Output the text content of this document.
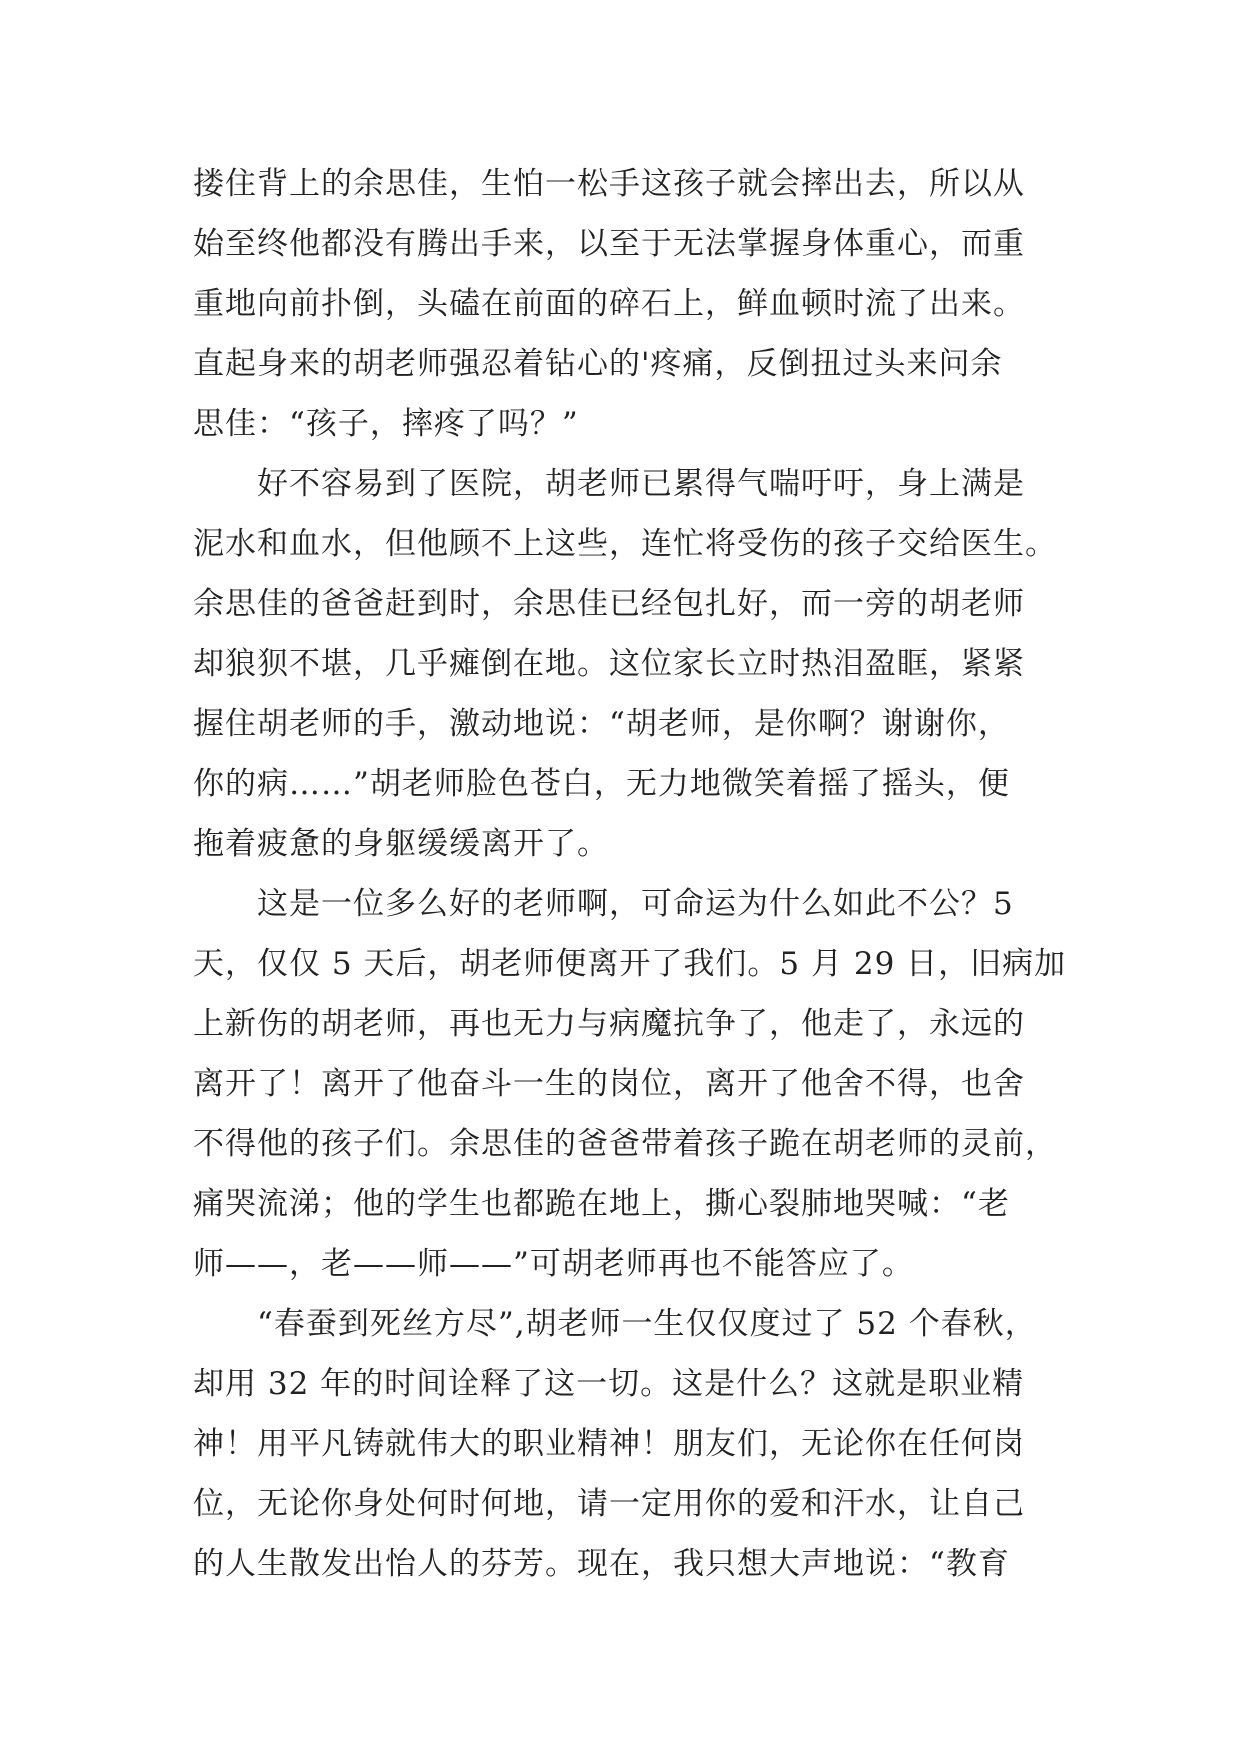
搂住背上的余思佳，生怕一松手这孩子就会摔出去，所以从
始至终他都没有腾出手来，以至于无法掌握身体重心，而重
重地向前扑倒，头磕在前面的碎石上，鲜血顿时流了出来。
直起身来的胡老师强忍着钻心的'疼痛，反倒扭过头来问余
思佳：“孩子，摔疼了吗？”
　　好不容易到了医院，胡老师已累得气喘吁吁，身上满是
泥水和血水，但他顾不上这些，连忙将受伤的孩子交给医生。
余思佳的爸爸赶到时，余思佳已经包扎好，而一旁的胡老师
却狼狈不堪，几乎瘫倒在地。这位家长立时热泪盈眶，紧紧
握住胡老师的手，激动地说：“胡老师，是你啊？谢谢你，
你的病……”胡老师脸色苍白，无力地微笑着摇了摇头，便
拖着疲惫的身躯缓缓离开了。
　　这是一位多么好的老师啊，可命运为什么如此不公？5
天，仅仅 5 天后，胡老师便离开了我们。5 月 29 日，旧病加
上新伤的胡老师，再也无力与病魔抗争了，他走了，永远的
离开了！离开了他奋斗一生的岗位，离开了他舍不得，也舍
不得他的孩子们。余思佳的爸爸带着孩子跪在胡老师的灵前，
痛哭流涕；他的学生也都跪在地上，撕心裂肺地哭喊：“老
师——，老——师——”可胡老师再也不能答应了。
　　“春蚕到死丝方尽”,胡老师一生仅仅度过了 52 个春秋，
却用 32 年的时间诠释了这一切。这是什么？这就是职业精
神！用平凡铸就伟大的职业精神！朋友们，无论你在任何岗
位，无论你身处何时何地，请一定用你的爱和汗水，让自己
的人生散发出怡人的芬芳。现在，我只想大声地说：“教育
